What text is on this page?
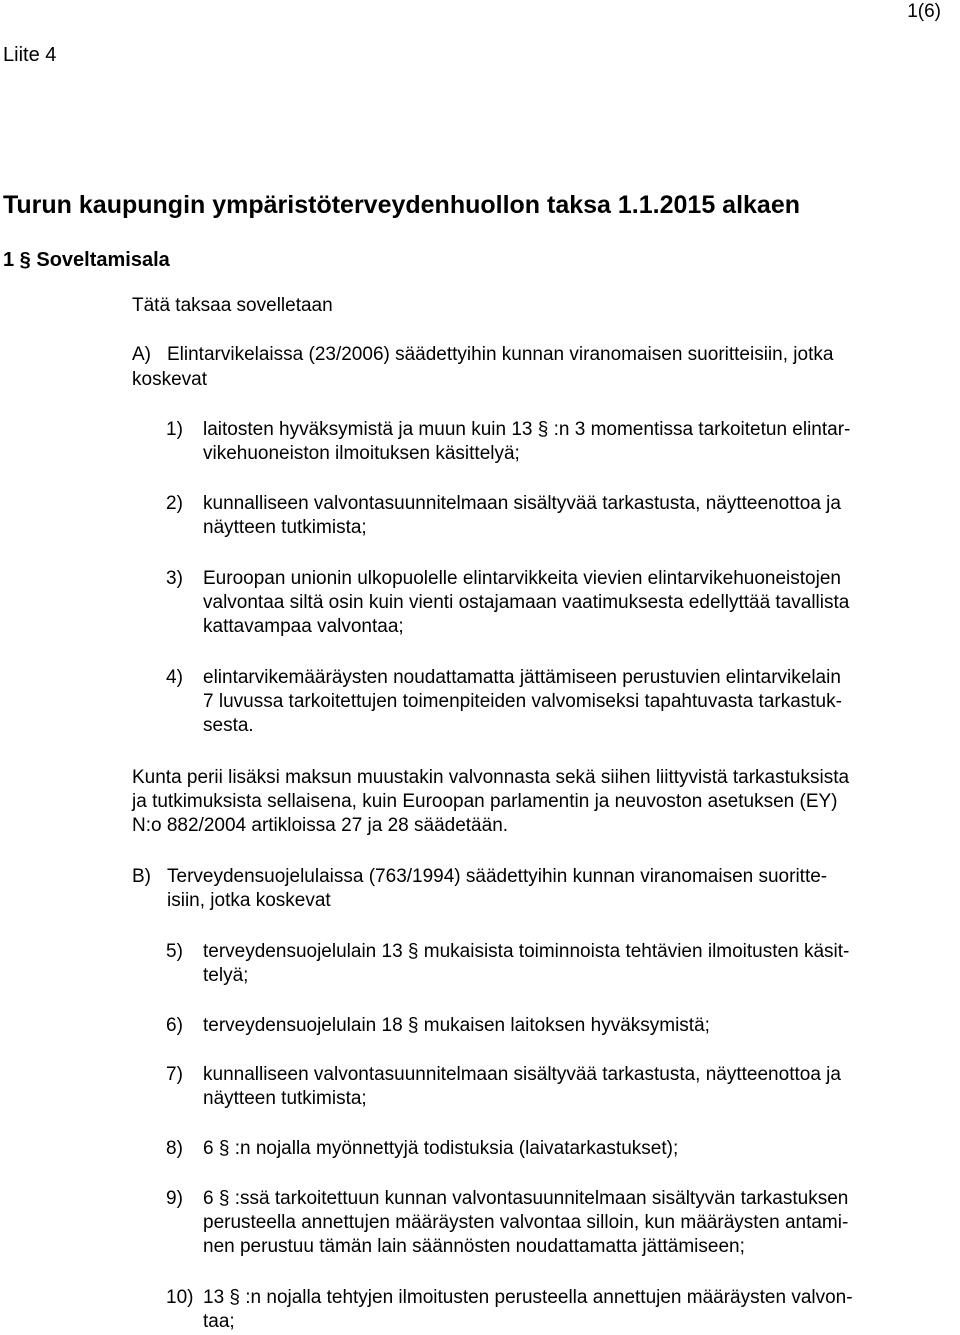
1(6)
Liite 4
Turun kaupungin ympäristöterveydenhuollon taksa 1.1.2015 alkaen
1 § Soveltamisala

Tätä taksaa sovelletaan

A) Elintarvikelaissa (23/2006) säädettyihin kunnan viranomaisen suoritteisiin, jotka
koskevat
1)	laitosten hyväksymistä ja muun kuin 13 § :n 3 momentissa tarkoitetun elintar-
vikehuoneiston ilmoituksen käsittelyä;
2)	kunnalliseen valvontasuunnitelmaan sisältyvää tarkastusta, näytteenottoa ja
näytteen tutkimista;
3)	Euroopan unionin ulkopuolelle elintarvikkeita vievien elintarvikehuoneistojen
valvontaa siltä osin kuin vienti ostajamaan vaatimuksesta edellyttää tavallista
kattavampaa valvontaa;
4)	elintarvikemääräysten noudattamatta jättämiseen perustuvien elintarvikelain
7 luvussa tarkoitettujen toimenpiteiden valvomiseksi tapahtuvasta tarkastuk-
sesta.
Kunta perii lisäksi maksun muustakin valvonnasta sekä siihen liittyvistä tarkastuksista
ja tutkimuksista sellaisena, kuin Euroopan parlamentin ja neuvoston asetuksen (EY)
N:o 882/2004 artikloissa 27 ja 28 säädetään.
B) Terveydensuojelulaissa (763/1994) säädettyihin kunnan viranomaisen suoritte-
isiin, jotka koskevat
5)	terveydensuojelulain 13 § mukaisista toiminnoista tehtävien ilmoitusten käsit-
telyä;
6)	terveydensuojelulain 18 § mukaisen laitoksen hyväksymistä;
7)	kunnalliseen valvontasuunnitelmaan sisältyvää tarkastusta, näytteenottoa ja
näytteen tutkimista;
8)	6 § :n nojalla myönnettyjä todistuksia (laivatarkastukset);
9)	6 § :ssä tarkoitettuun kunnan valvontasuunnitelmaan sisältyvän tarkastuksen
perusteella annettujen määräysten valvontaa silloin, kun määräysten antami-
nen perustuu tämän lain säännösten noudattamatta jättämiseen;
10) 13 § :n nojalla tehtyjen ilmoitusten perusteella annettujen määräysten valvon-
taa;
